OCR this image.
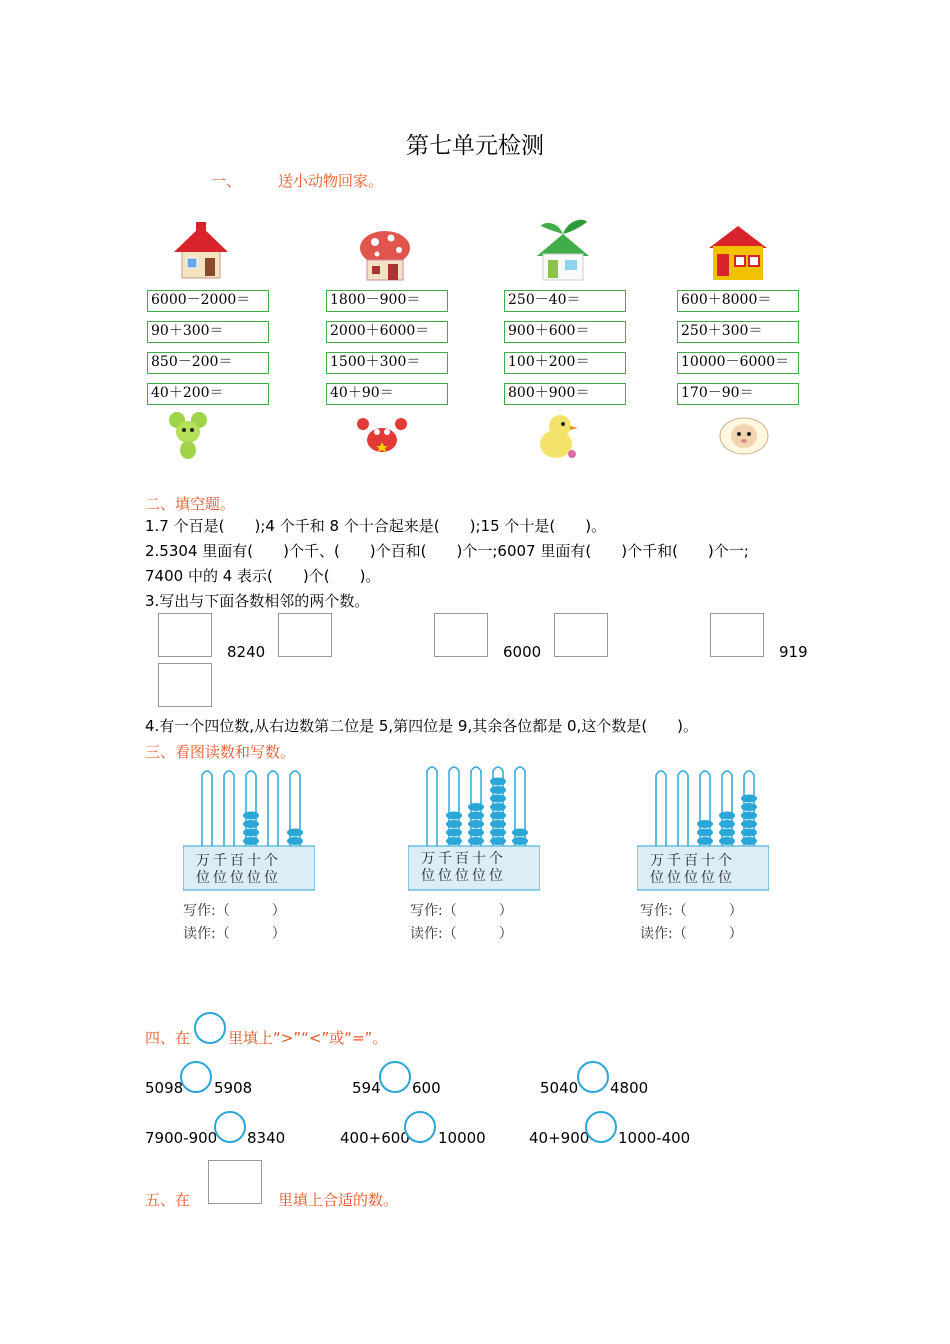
第七单元检测
一、 送小动物回家。
6000－2000＝
90＋300＝
850－200＝
40＋200＝
1800－900＝
2000＋6000＝
1500＋300＝
40＋90＝
250－40＝
900＋600＝
100＋200＝
800＋900＝
600＋8000＝
250＋300＝
10000－6000＝
170－90＝
二、填空题。
1.7 个百是(　　);4 个千和 8 个十合起来是(　　);15 个十是(　　)。
2.5304 里面有(　　)个千、(　　)个百和(　　)个一;6007 里面有(　　)个千和(　　)个一;
7400 中的 4 表示(　　)个(　　)。
3.写出与下面各数相邻的两个数。
8240	6000	919
4.有一个四位数,从右边数第二位是 5,第四位是 9,其余各位都是 0,这个数是(　　)。
三、看图读数和写数。
万千百十个
位位位位位
万千百十个
位位位位位
万千百十个
位位位位位
写作:（　　　）
读作:（　　　）
写作:（　　　）
读作:（　　　）
写作:（　　　）
读作:（　　　）
四、在	里填上“>”“<”或“=”。
5098 5908	594 600	5040 4800
7900-900 8340	400+600 10000	40+900 1000-400
五、在	里填上合适的数。
